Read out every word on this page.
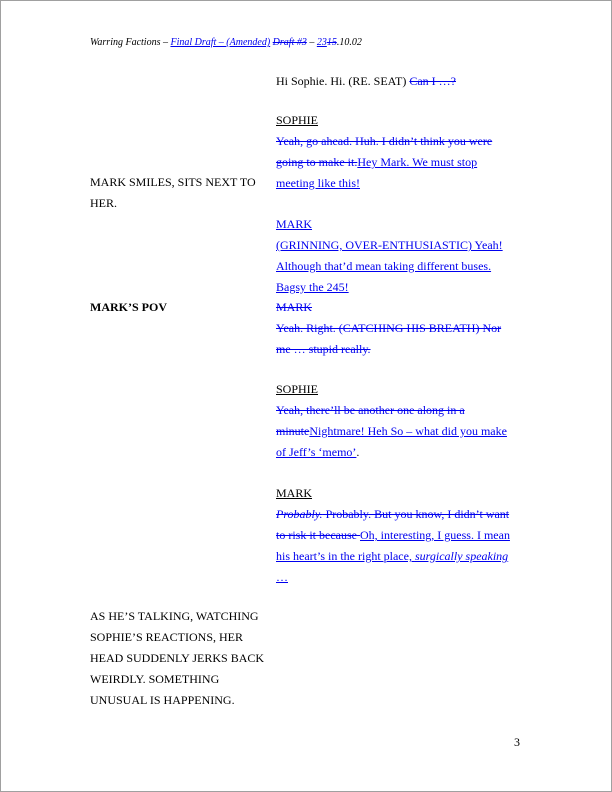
Warring Factions – Final Draft – (Amended) Draft #3 – 2315.10.02
Hi Sophie. Hi. (RE. SEAT) Can I …?
SOPHIE
Yeah, go ahead. Huh. I didn’t think you were going to make it.Hey Mark. We must stop meeting like this!
MARK
(GRINNING, OVER-ENTHUSIASTIC) Yeah! Although that’d mean taking different buses. Bagsy the 245!
MARK
Yeah. Right. (CATCHING HIS BREATH) Nor me … stupid really.
SOPHIE
Yeah, there’ll be another one along in a minuteNightmare! Heh So – what did you make of Jeff’s ‘memo’.
MARK
Probably. Probably. But you know, I didn’t want to risk it because Oh, interesting, I guess. I mean his heart’s in the right place, surgically speaking …
MARK SMILES, SITS NEXT TO HER.
MARK’S POV
AS HE’S TALKING, WATCHING SOPHIE’S REACTIONS, HER HEAD SUDDENLY JERKS BACK WEIRDLY. SOMETHING UNUSUAL IS HAPPENING.
3
